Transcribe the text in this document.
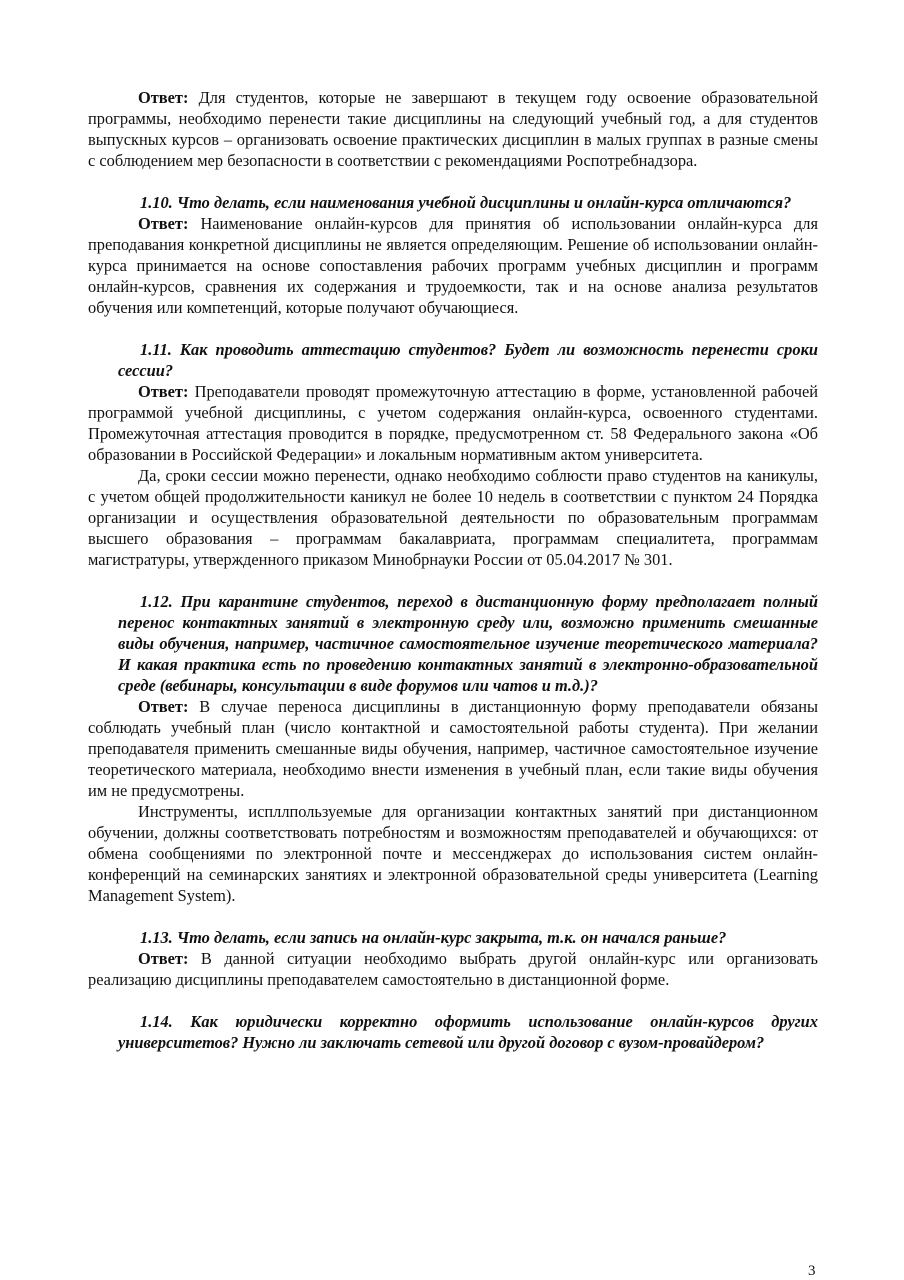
Ответ: Для студентов, которые не завершают в текущем году освоение образовательной программы, необходимо перенести такие дисциплины на следующий учебный год, а для студентов выпускных курсов – организовать освоение практических дисциплин в малых группах в разные смены с соблюдением мер безопасности в соответствии с рекомендациями Роспотребнадзора.

1.10. Что делать, если наименования учебной дисциплины и онлайн-курса отличаются?

Ответ: Наименование онлайн-курсов для принятия об использовании онлайн-курса для преподавания конкретной дисциплины не является определяющим. Решение об использовании онлайн-курса принимается на основе сопоставления рабочих программ учебных дисциплин и программ онлайн-курсов, сравнения их содержания и трудоемкости, так и на основе анализа результатов обучения или компетенций, которые получают обучающиеся.

1.11. Как проводить аттестацию студентов? Будет ли возможность перенести сроки сессии?

Ответ: Преподаватели проводят промежуточную аттестацию в форме, установленной рабочей программой учебной дисциплины, с учетом содержания онлайн-курса, освоенного студентами. Промежуточная аттестация проводится в порядке, предусмотренном ст. 58 Федерального закона «Об образовании в Российской Федерации» и локальным нормативным актом университета.

Да, сроки сессии можно перенести, однако необходимо соблюсти право студентов на каникулы, с учетом общей продолжительности каникул не более 10 недель в соответствии с пунктом 24 Порядка организации и осуществления образовательной деятельности по образовательным программам высшего образования – программам бакалавриата, программам специалитета, программам магистратуры, утвержденного приказом Минобрнауки России от 05.04.2017 № 301.

1.12. При карантине студентов, переход в дистанционную форму предполагает полный перенос контактных занятий в электронную среду или, возможно применить смешанные виды обучения, например, частичное самостоятельное изучение теоретического материала? И какая практика есть по проведению контактных занятий в электронно-образовательной среде (вебинары, консультации в виде форумов или чатов и т.д.)?

Ответ: В случае переноса дисциплины в дистанционную форму преподаватели обязаны соблюдать учебный план (число контактной и самостоятельной работы студента). При желании преподавателя применить смешанные виды обучения, например, частичное самостоятельное изучение теоретического материала, необходимо внести изменения в учебный план, если такие виды обучения им не предусмотрены.

Инструменты, испллпользуемые для организации контактных занятий при дистанционном обучении, должны соответствовать потребностям и возможностям преподавателей и обучающихся: от обмена сообщениями по электронной почте и мессенджерах до использования систем онлайн-конференций на семинарских занятиях и электронной образовательной среды университета (Learning Management System).

1.13. Что делать, если запись на онлайн-курс закрыта, т.к. он начался раньше?

Ответ: В данной ситуации необходимо выбрать другой онлайн-курс или организовать реализацию дисциплины преподавателем самостоятельно в дистанционной форме.

1.14. Как юридически корректно оформить использование онлайн-курсов других университетов? Нужно ли заключать сетевой или другой договор с вузом-провайдером?

3
